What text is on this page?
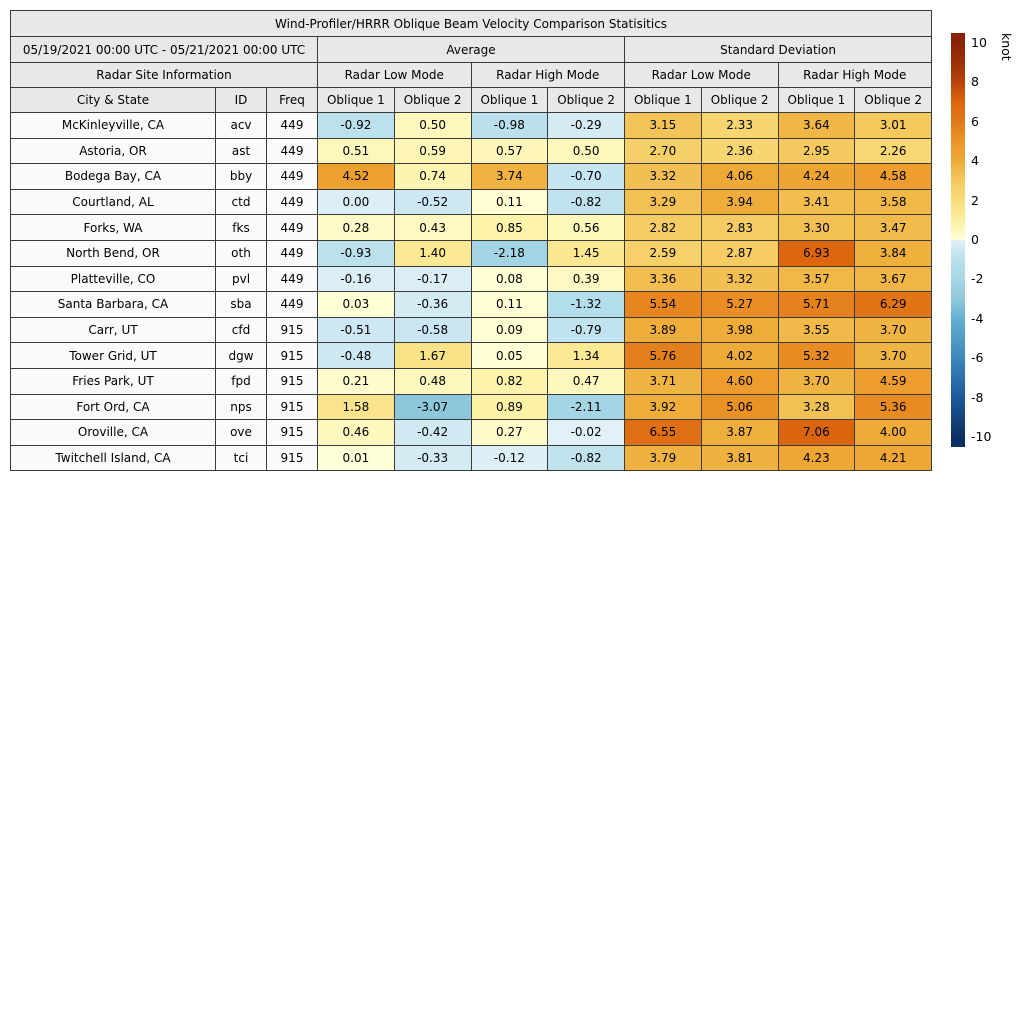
Wind-Profiler/HRRR Oblique Beam Velocity Comparison Statisitics										
05/19/2021 00:00 UTC - 05/21/2021 00:00 UTC			Average				Standard Deviation			
Radar Site Information			Radar Low Mode		Radar High Mode		Radar Low Mode		Radar High Mode	
City & State	ID	Freq	Oblique 1	Oblique 2	Oblique 1	Oblique 2	Oblique 1	Oblique 2	Oblique 1	Oblique 2
McKinleyville, CA	acv	449	-0.92	0.50	-0.98	-0.29	3.15	2.33	3.64	3.01
Astoria, OR	ast	449	0.51	0.59	0.57	0.50	2.70	2.36	2.95	2.26
Bodega Bay, CA	bby	449	4.52	0.74	3.74	-0.70	3.32	4.06	4.24	4.58
Courtland, AL	ctd	449	0.00	-0.52	0.11	-0.82	3.29	3.94	3.41	3.58
Forks, WA	fks	449	0.28	0.43	0.85	0.56	2.82	2.83	3.30	3.47
North Bend, OR	oth	449	-0.93	1.40	-2.18	1.45	2.59	2.87	6.93	3.84
Platteville, CO	pvl	449	-0.16	-0.17	0.08	0.39	3.36	3.32	3.57	3.67
Santa Barbara, CA	sba	449	0.03	-0.36	0.11	-1.32	5.54	5.27	5.71	6.29
Carr, UT	cfd	915	-0.51	-0.58	0.09	-0.79	3.89	3.98	3.55	3.70
Tower Grid, UT	dgw	915	-0.48	1.67	0.05	1.34	5.76	4.02	5.32	3.70
Fries Park, UT	fpd	915	0.21	0.48	0.82	0.47	3.71	4.60	3.70	4.59
Fort Ord, CA	nps	915	1.58	-3.07	0.89	-2.11	3.92	5.06	3.28	5.36
Oroville, CA	ove	915	0.46	-0.42	0.27	-0.02	6.55	3.87	7.06	4.00
Twitchell Island, CA	tci	915	0.01	-0.33	-0.12	-0.82	3.79	3.81	4.23	4.21
knot
10
8
6
4
2
0
-2
-4
-6
-8
-10
